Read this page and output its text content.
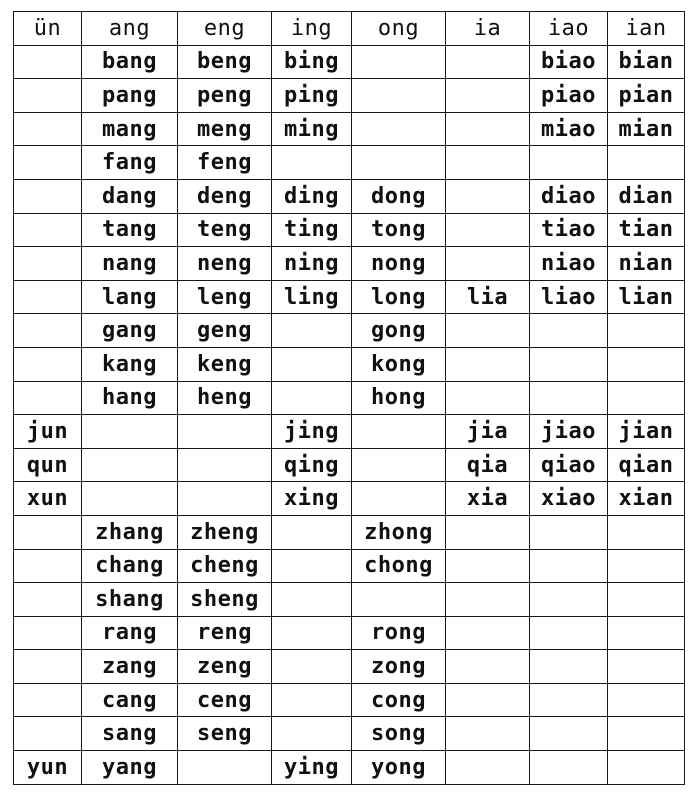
ün	ang	eng	ing	ong	ia	iao	ian
	bang	beng	bing			biao	bian
	pang	peng	ping			piao	pian
	mang	meng	ming			miao	mian
	fang	feng					
	dang	deng	ding	dong		diao	dian
	tang	teng	ting	tong		tiao	tian
	nang	neng	ning	nong		niao	nian
	lang	leng	ling	long	lia	liao	lian
	gang	geng		gong			
	kang	keng		kong			
	hang	heng		hong			
jun			jing		jia	jiao	jian
qun			qing		qia	qiao	qian
xun			xing		xia	xiao	xian
	zhang	zheng		zhong			
	chang	cheng		chong			
	shang	sheng					
	rang	reng		rong			
	zang	zeng		zong			
	cang	ceng		cong			
	sang	seng		song			
yun	yang		ying	yong			
